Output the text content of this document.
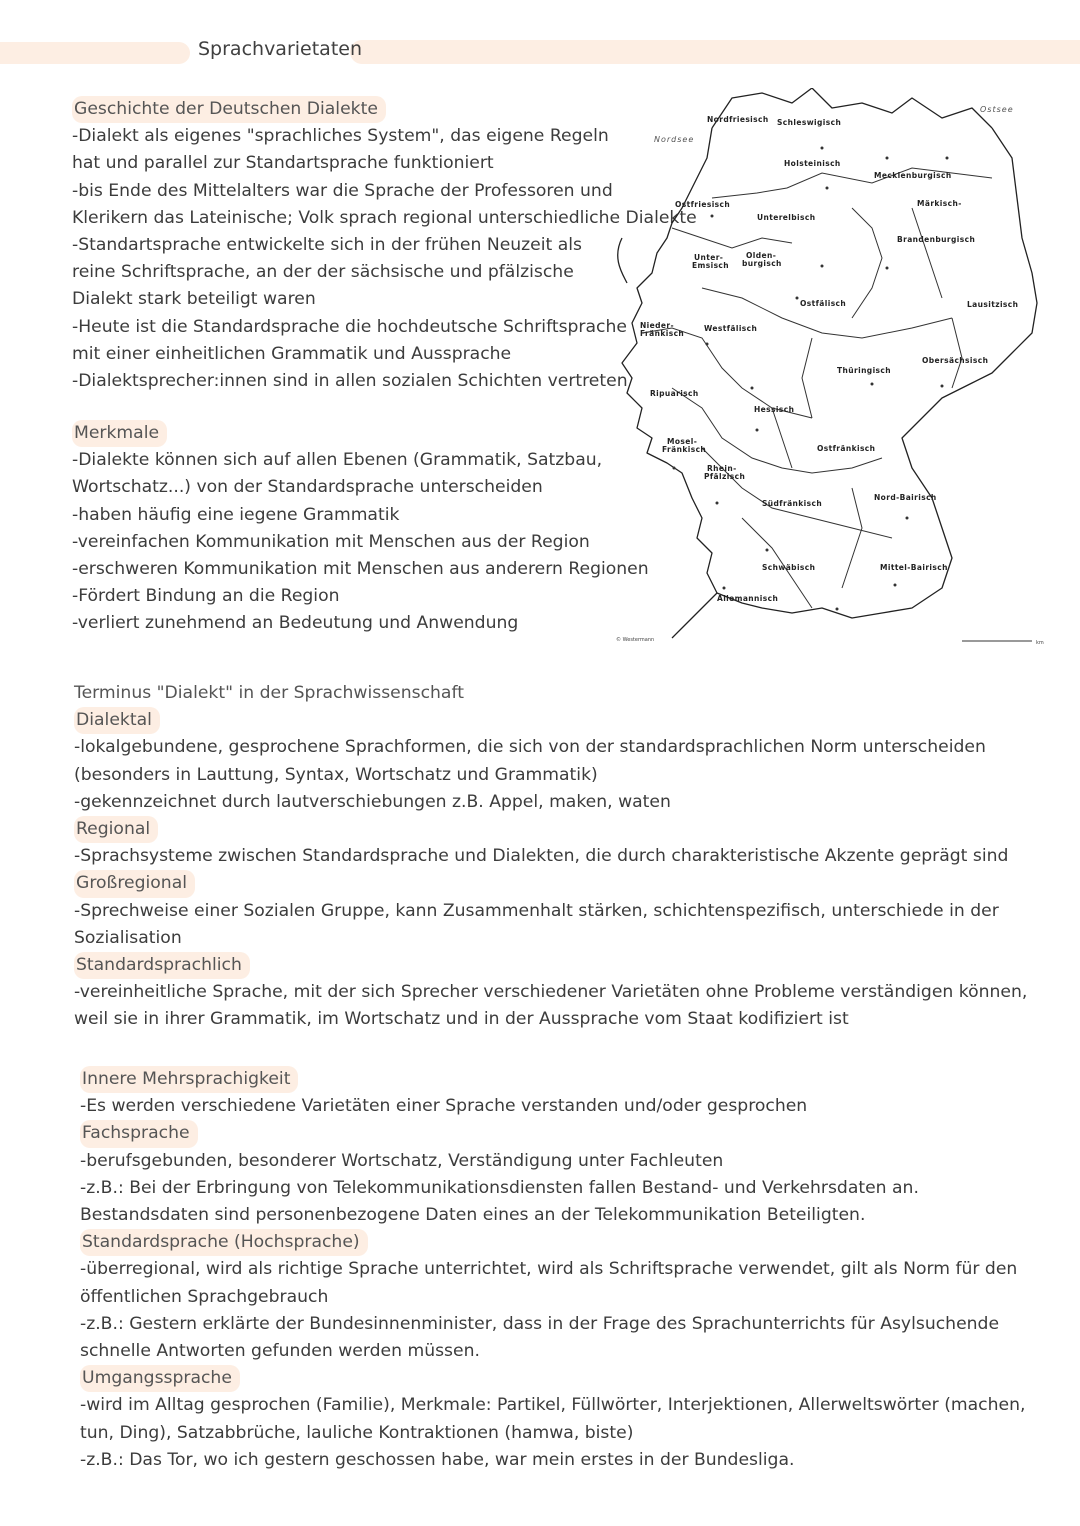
Sprachvarietaten

Geschichte der Deutschen Dialekte

-Dialekt als eigenes "sprachliches System", das eigene Regeln

hat und parallel zur Standartsprache funktioniert

-bis Ende des Mittelalters war die Sprache der Professoren und

Klerikern das Lateinische; Volk sprach regional unterschiedliche Dialekte

-Standartsprache entwickelte sich in der frühen Neuzeit als

reine Schriftsprache, an der der sächsische und pfälzische

Dialekt stark beteiligt waren

-Heute ist die Standardsprache die hochdeutsche Schriftsprache

mit einer einheitlichen Grammatik und Aussprache

-Dialektsprecher:innen sind in allen sozialen Schichten vertreten

Merkmale

-Dialekte können sich auf allen Ebenen (Grammatik, Satzbau,

Wortschatz...) von der Standardsprache unterscheiden

-haben häufig eine iegene Grammatik

-vereinfachen Kommunikation mit Menschen aus der Region

-erschweren Kommunikation mit Menschen aus anderern Regionen

-Fördert Bindung an die Region

-verliert zunehmend an Bedeutung und Anwendung

Nordsee
Ostsee
Nordfriesisch Schleswigisch
Holsteinisch
Mecklenburgisch
Ostfriesisch
Unterelbisch
Märkisch-
Brandenburgisch
Unter-
Emsisch
Olden-
burgisch
Ostfälisch	Lausitzisch
Nieder-
Fränkisch
Westfälisch
Thüringisch
Obersächsisch
Ripuarisch
Hessisch
Mosel-
Fränkisch	Ostfränkisch
Rhein-
Pfälzisch
Südfränkisch
Nord-Bairisch
Schwäbisch	Mittel-Bairisch
Allemannisch
© Westermann	km

Terminus "Dialekt" in der Sprachwissenschaft

Dialektal

-lokalgebundene, gesprochene Sprachformen, die sich von der standardsprachlichen Norm unterscheiden

(besonders in Lauttung, Syntax, Wortschatz und Grammatik)

-gekennzeichnet durch lautverschiebungen z.B. Appel, maken, waten

Regional

-Sprachsysteme zwischen Standardsprache und Dialekten, die durch charakteristische Akzente geprägt sind

Großregional

-Sprechweise einer Sozialen Gruppe, kann Zusammenhalt stärken, schichtenspezifisch, unterschiede in der

Sozialisation

Standardsprachlich

-vereinheitliche Sprache, mit der sich Sprecher verschiedener Varietäten ohne Probleme verständigen können,

weil sie in ihrer Grammatik, im Wortschatz und in der Aussprache vom Staat kodifiziert ist

Innere Mehrsprachigkeit

-Es werden verschiedene Varietäten einer Sprache verstanden und/oder gesprochen

Fachsprache

-berufsgebunden, besonderer Wortschatz, Verständigung unter Fachleuten

-z.B.: Bei der Erbringung von Telekommunikationsdiensten fallen Bestand- und Verkehrsdaten an.

Bestandsdaten sind personenbezogene Daten eines an der Telekommunikation Beteiligten.

Standardsprache (Hochsprache)

-überregional, wird als richtige Sprache unterrichtet, wird als Schriftsprache verwendet, gilt als Norm für den

öffentlichen Sprachgebrauch

-z.B.: Gestern erklärte der Bundesinnenminister, dass in der Frage des Sprachunterrichts für Asylsuchende

schnelle Antworten gefunden werden müssen.

Umgangssprache

-wird im Alltag gesprochen (Familie), Merkmale: Partikel, Füllwörter, Interjektionen, Allerweltswörter (machen,

tun, Ding), Satzabbrüche, lauliche Kontraktionen (hamwa, biste)

-z.B.: Das Tor, wo ich gestern geschossen habe, war mein erstes in der Bundesliga.
